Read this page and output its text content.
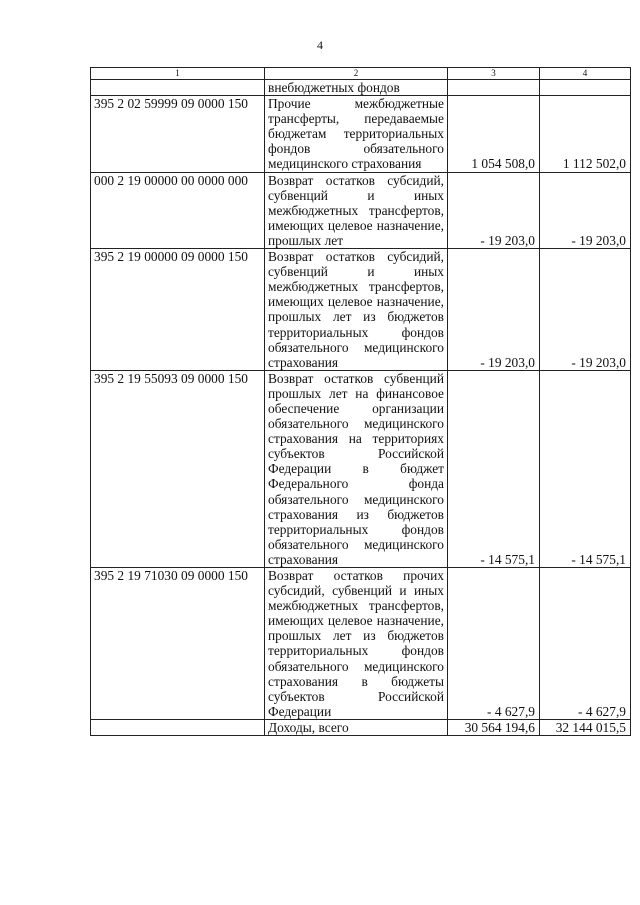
4
1	2	3	4
	внебюджетных фондов		
395 2 02 59999 09 0000 150	Прочие межбюджетные трансферты, передаваемые бюджетам территориальных фондов обязательного медицинского страхования	1 054 508,0	1 112 502,0
000 2 19 00000 00 0000 000	Возврат остатков субсидий, субвенций и иных межбюджетных трансфертов, имеющих целевое назначение, прошлых лет	- 19 203,0	- 19 203,0
395 2 19 00000 09 0000 150	Возврат остатков субсидий, субвенций и иных межбюджетных трансфертов, имеющих целевое назначение, прошлых лет из бюджетов территориальных фондов обязательного медицинского страхования	- 19 203,0	- 19 203,0
395 2 19 55093 09 0000 150	Возврат остатков субвенций прошлых лет на финансовое обеспечение организации обязательного медицинского страхования на территориях субъектов Российской Федерации в бюджет Федерального фонда обязательного медицинского страхования из бюджетов территориальных фондов обязательного медицинского страхования	- 14 575,1	- 14 575,1
395 2 19 71030 09 0000 150	Возврат остатков прочих субсидий, субвенций и иных межбюджетных трансфертов, имеющих целевое назначение, прошлых лет из бюджетов территориальных фондов обязательного медицинского страхования в бюджеты субъектов Российской Федерации	- 4 627,9	- 4 627,9
	Доходы, всего	30 564 194,6	32 144 015,5
